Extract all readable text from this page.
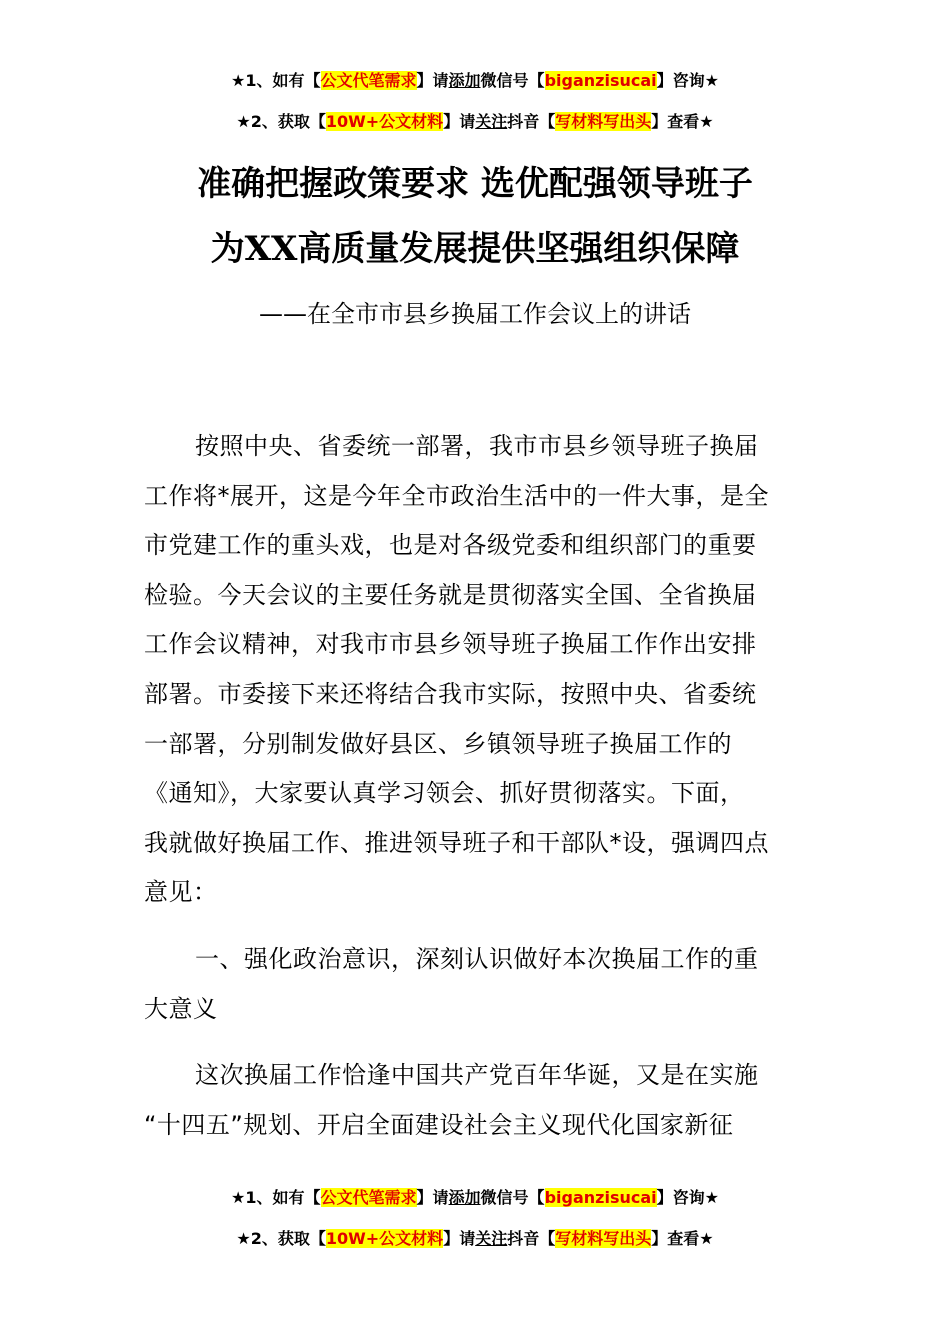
★1、如有【公文代笔需求】请添加微信号【biganzisucai】咨询★
★2、获取【10W+公文材料】请关注抖音【写材料写出头】查看★
准确把握政策要求 选优配强领导班子
为XX高质量发展提供坚强组织保障
——在全市市县乡换届工作会议上的讲话
按照中央、省委统一部署，我市市县乡领导班子换届
工作将*展开，这是今年全市政治生活中的一件大事，是全
市党建工作的重头戏，也是对各级党委和组织部门的重要
检验。今天会议的主要任务就是贯彻落实全国、全省换届
工作会议精神，对我市市县乡领导班子换届工作作出安排
部署。市委接下来还将结合我市实际，按照中央、省委统
一部署，分别制发做好县区、乡镇领导班子换届工作的
《通知》，大家要认真学习领会、抓好贯彻落实。下面，
我就做好换届工作、推进领导班子和干部队*设，强调四点
意见：
一、强化政治意识，深刻认识做好本次换届工作的重
大意义
这次换届工作恰逢中国共产党百年华诞，又是在实施
“十四五”规划、开启全面建设社会主义现代化国家新征
★1、如有【公文代笔需求】请添加微信号【biganzisucai】咨询★
★2、获取【10W+公文材料】请关注抖音【写材料写出头】查看★
